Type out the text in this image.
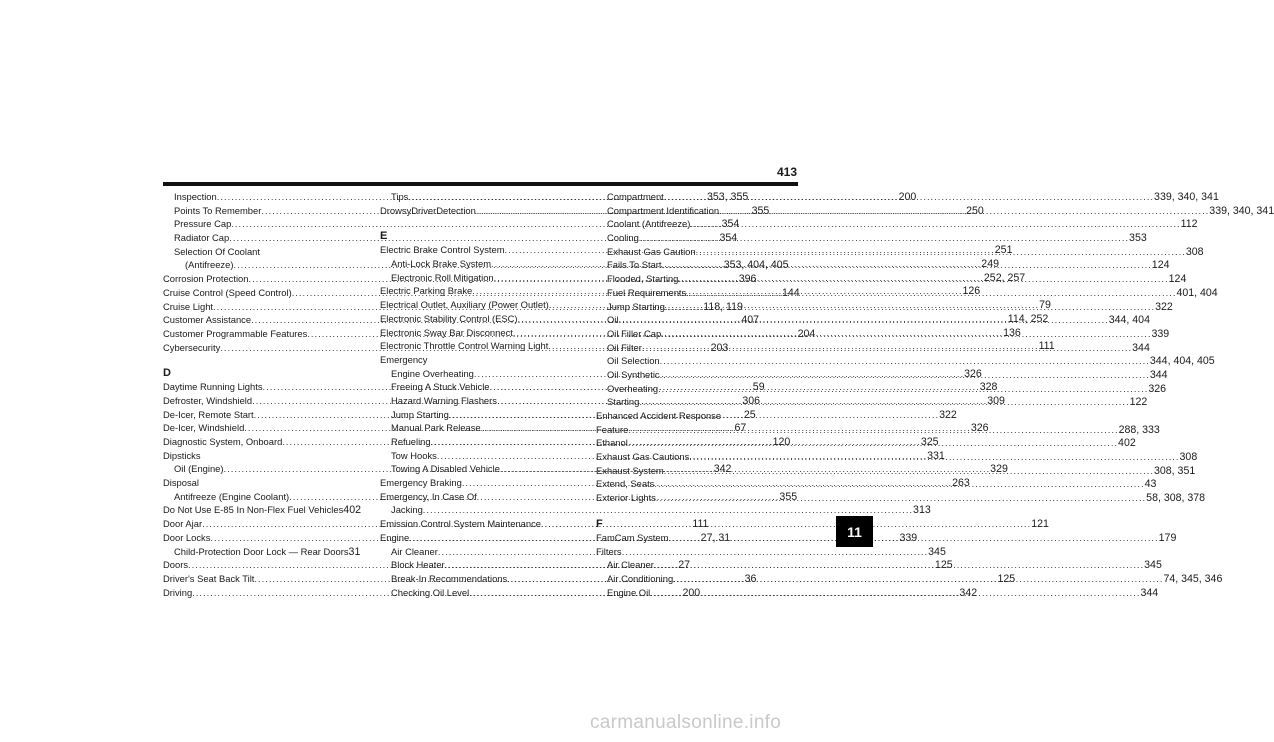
413
Inspection .....	353, 355
Points To Remember .....	355
Pressure Cap .....	354
Radiator Cap .....	354
Selection Of Coolant
(Antifreeze) .....	353, 404, 405
Corrosion Protection .....	396
Cruise Control (Speed Control) .....	144
Cruise Light .....	118, 119
Customer Assistance .....	407
Customer Programmable Features .....	204
Cybersecurity .....	203
D
Daytime Running Lights .....	59
Defroster, Windshield .....	306
De-Icer, Remote Start .....	25
De-Icer, Windshield .....	67
Diagnostic System, Onboard .....	120
Dipsticks
Oil (Engine) .....	342
Disposal
Antifreeze (Engine Coolant) .....	355
Do Not Use E-85 In Non-Flex Fuel Vehicles 402
Door Ajar .....	111
Door Locks .....	27, 31
Child-Protection Door Lock — Rear Doors 31
Doors .....	27
Driver's Seat Back Tilt .....	36
Driving .....	200
Tips .....	200
DrowsyDriverDetection .....	250
E
Electric Brake Control System .....	251
Anti-Lock Brake System .....	249
Electronic Roll Mitigation .....	252, 257
Electric Parking Brake .....	126
Electrical Outlet, Auxiliary (Power Outlet) .....	79
Electronic Stability Control (ESC) .....	114, 252
Electronic Sway Bar Disconnect .....	136
Electronic Throttle Control Warning Light .....	111
Emergency
Engine Overheating .....	326
Freeing A Stuck Vehicle .....	328
Hazard Warning Flashers .....	309
Jump Starting .....	322
Manual Park Release .....	326
Refueling .....	325
Tow Hooks .....	331
Towing A Disabled Vehicle .....	329
Emergency Braking .....	263
Emergency, In Case Of
Jacking .....	313
Emission Control System Maintenance .....	121
Engine .....	339
Air Cleaner .....	345
Block Heater .....	125
Break-In Recommendations .....	125
Checking Oil Level .....	342
Compartment .....	339, 340, 341
Compartment Identification .....	339, 340, 341
Coolant (Antifreeze) .....	112
Cooling .....	353
Exhaust Gas Caution .....	308
Fails To Start .....	124
Flooded, Starting .....	124
Fuel Requirements .....	401, 404
Jump Starting .....	322
Oil .....	344, 404
Oil Filler Cap .....	339
Oil Filter .....	344
Oil Selection .....	344, 404, 405
Oil Synthetic .....	344
Overheating .....	326
Starting .....	122
Enhanced Accident Response
Feature .....	288, 333
Ethanol .....	402
Exhaust Gas Cautions .....	308
Exhaust System .....	308, 351
Extend, Seats .....	43
Exterior Lights .....	58, 308, 378
F
FamCam System .....	179
Filters
Air Cleaner .....	345
Air Conditioning .....	74, 345, 346
Engine Oil .....	344
11
carmanualsonline.info
